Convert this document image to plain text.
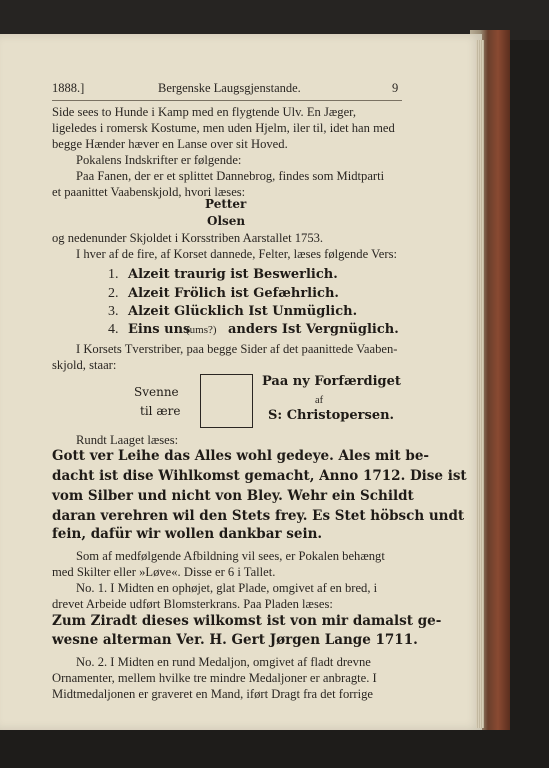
1888.]	Bergenske Laugsgjenstande.	9
Side sees to Hunde i Kamp med en flygtende Ulv. En Jæger,
ligeledes i romersk Kostume, men uden Hjelm, iler til, idet han med
begge Hænder hæver en Lanse over sit Hoved.
Pokalens Indskrifter er følgende:
Paa Fanen, der er et splittet Dannebrog, findes som Midtparti
et paanittet Vaabenskjold, hvori læses:
Petter
Olsen
og nedenunder Skjoldet i Korsstriben Aarstallet 1753.
I hver af de fire, af Korset dannede, Felter, læses følgende Vers:
1. Alzeit traurig ist Beswerlich.
2. Alzeit Frölich ist Gefæhrlich.
3. Alzeit Glücklich Ist Unmüglich.
4. Eins uns
(ums?) anders Ist Vergnüglich.
I Korsets Tverstriber, paa begge Sider af det paanittede Vaaben-
skjold, staar:
Svenne
til ære
Paa ny Forfærdiget
af
S: Christopersen.
Rundt Laaget læses:
Gott ver Leihe das Alles wohl gedeye. Ales mit be-
dacht ist dise Wihlkomst gemacht, Anno 1712. Dise ist
vom Silber und nicht von Bley. Wehr ein Schildt
daran verehren wil den Stets frey. Es Stet höbsch undt
fein, dafür wir wollen dankbar sein.
Som af medfølgende Afbildning vil sees, er Pokalen behængt
med Skilter eller »Løve«. Disse er 6 i Tallet.
No. 1. I Midten en ophøjet, glat Plade, omgivet af en bred, i
drevet Arbeide udført Blomsterkrans. Paa Pladen læses:
Zum Ziradt dieses wilkomst ist von mir damalst ge-
wesne alterman Ver. H. Gert Jørgen Lange 1711.
No. 2. I Midten en rund Medaljon, omgivet af fladt drevne
Ornamenter, mellem hvilke tre mindre Medaljoner er anbragte. I
Midtmedaljonen er graveret en Mand, iført Dragt fra det forrige
